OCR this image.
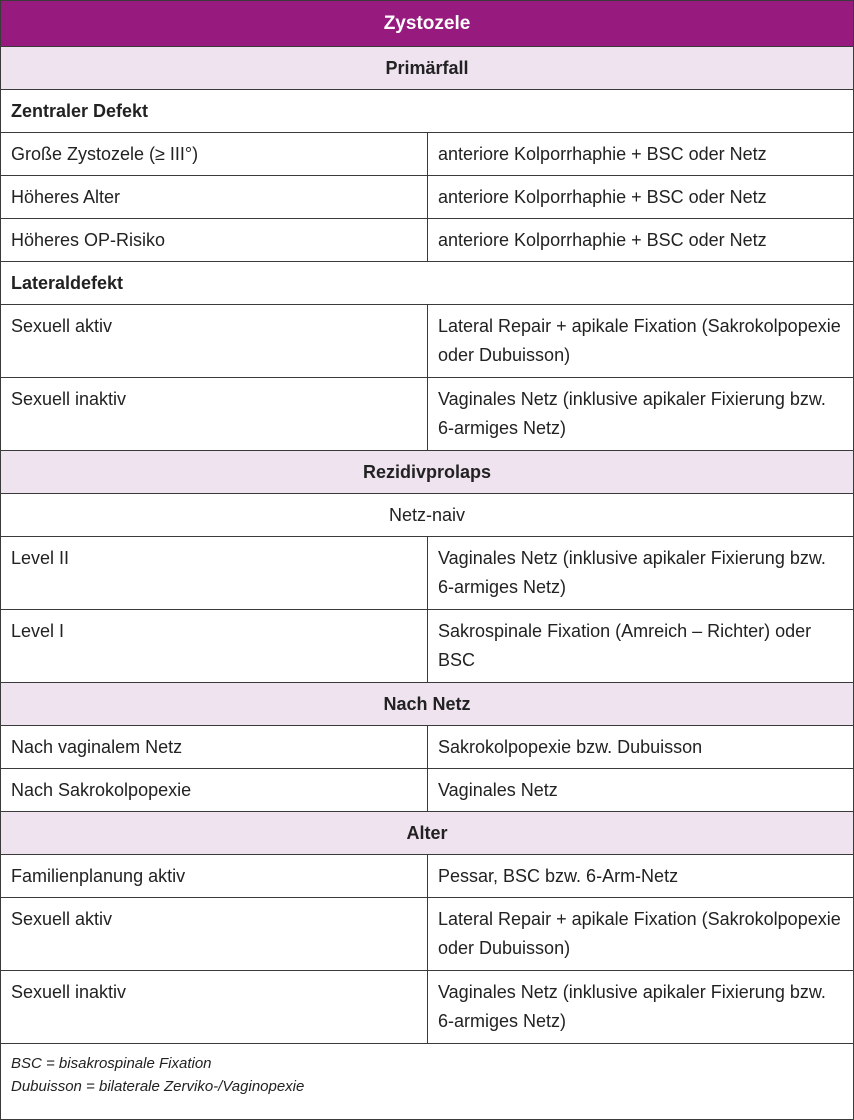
Zystozele	
Primärfall	
Zentraler Defekt	
Große Zystozele (≥ III°)	anteriore Kolporrhaphie + BSC oder Netz
Höheres Alter	anteriore Kolporrhaphie + BSC oder Netz
Höheres OP-Risiko	anteriore Kolporrhaphie + BSC oder Netz
Lateraldefekt	
Sexuell aktiv	Lateral Repair + apikale Fixation (Sakrokolpopexie oder Dubuisson)
Sexuell inaktiv	Vaginales Netz (inklusive apikaler Fixierung bzw. 6-armiges Netz)
Rezidivprolaps	
Netz-naiv	
Level II	Vaginales Netz (inklusive apikaler Fixierung bzw. 6-armiges Netz)
Level I	Sakrospinale Fixation (Amreich – Richter) oder BSC
Nach Netz	
Nach vaginalem Netz	Sakrokolpopexie bzw. Dubuisson
Nach Sakrokolpopexie	Vaginales Netz
Alter	
Familienplanung aktiv	Pessar, BSC bzw. 6-Arm-Netz
Sexuell aktiv	Lateral Repair + apikale Fixation (Sakrokolpopexie oder Dubuisson)
Sexuell inaktiv	Vaginales Netz (inklusive apikaler Fixierung bzw. 6-armiges Netz)

BSC = bisakrospinale Fixation
Dubuisson = bilaterale Zerviko-/Vaginopexie	
